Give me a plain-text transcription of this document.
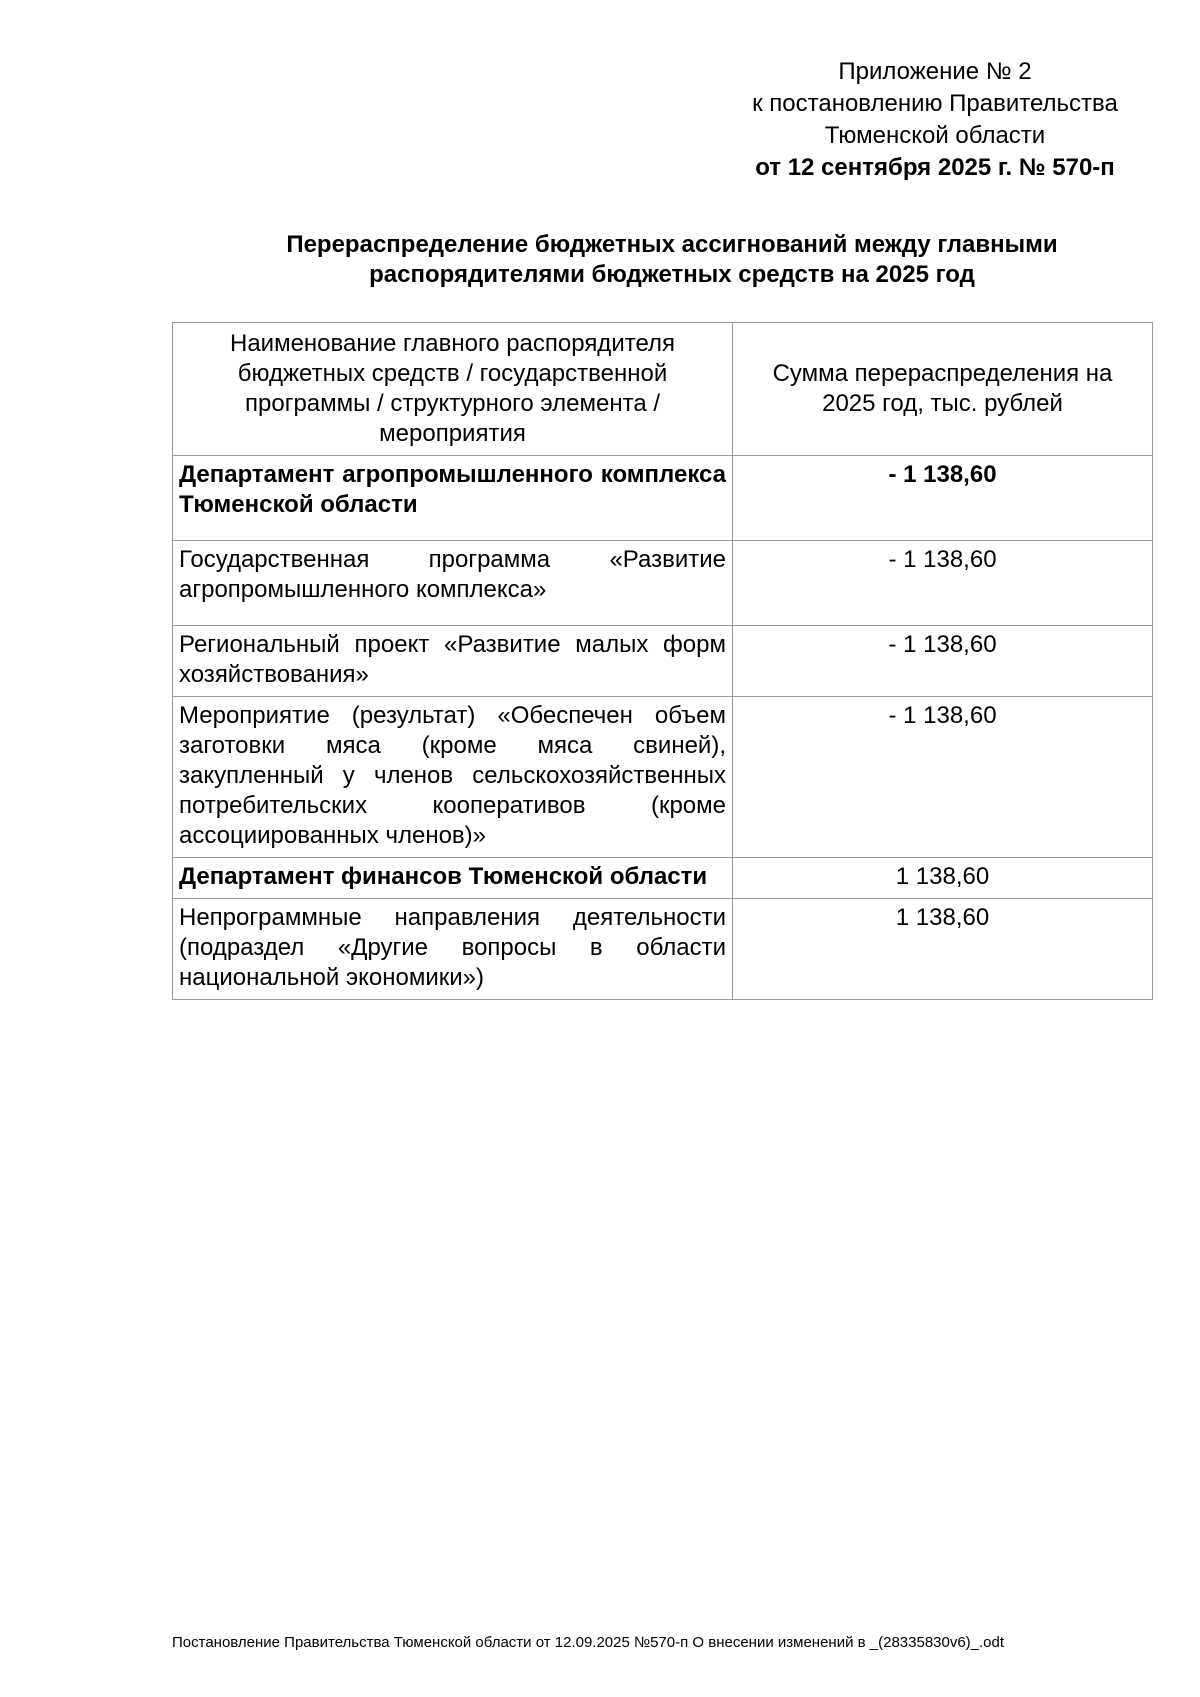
Приложение № 2
к постановлению Правительства
Тюменской области
от 12 сентября 2025 г. № 570-п
Перераспределение бюджетных ассигнований между главными
распорядителями бюджетных средств на 2025 год
Наименование главного распорядителя бюджетных средств / государственной программы / структурного элемента / мероприятия	Сумма перераспределения на 2025 год, тыс. рублей
Департамент агропромышленного комплекса Тюменской области	- 1 138,60
Государственная программа «Развитие агропромышленного комплекса»	- 1 138,60
Региональный проект «Развитие малых форм хозяйствования»	- 1 138,60
Мероприятие (результат) «Обеспечен объем заготовки мяса (кроме мяса свиней), закупленный у членов сельскохозяйственных потребительских кооперативов (кроме ассоциированных членов)»	- 1 138,60
Департамент финансов Тюменской области	1 138,60
Непрограммные направления деятельности (подраздел «Другие вопросы в области национальной экономики»)	1 138,60
Постановление Правительства Тюменской области от 12.09.2025 №570-п О внесении изменений в _(28335830v6)_.odt
